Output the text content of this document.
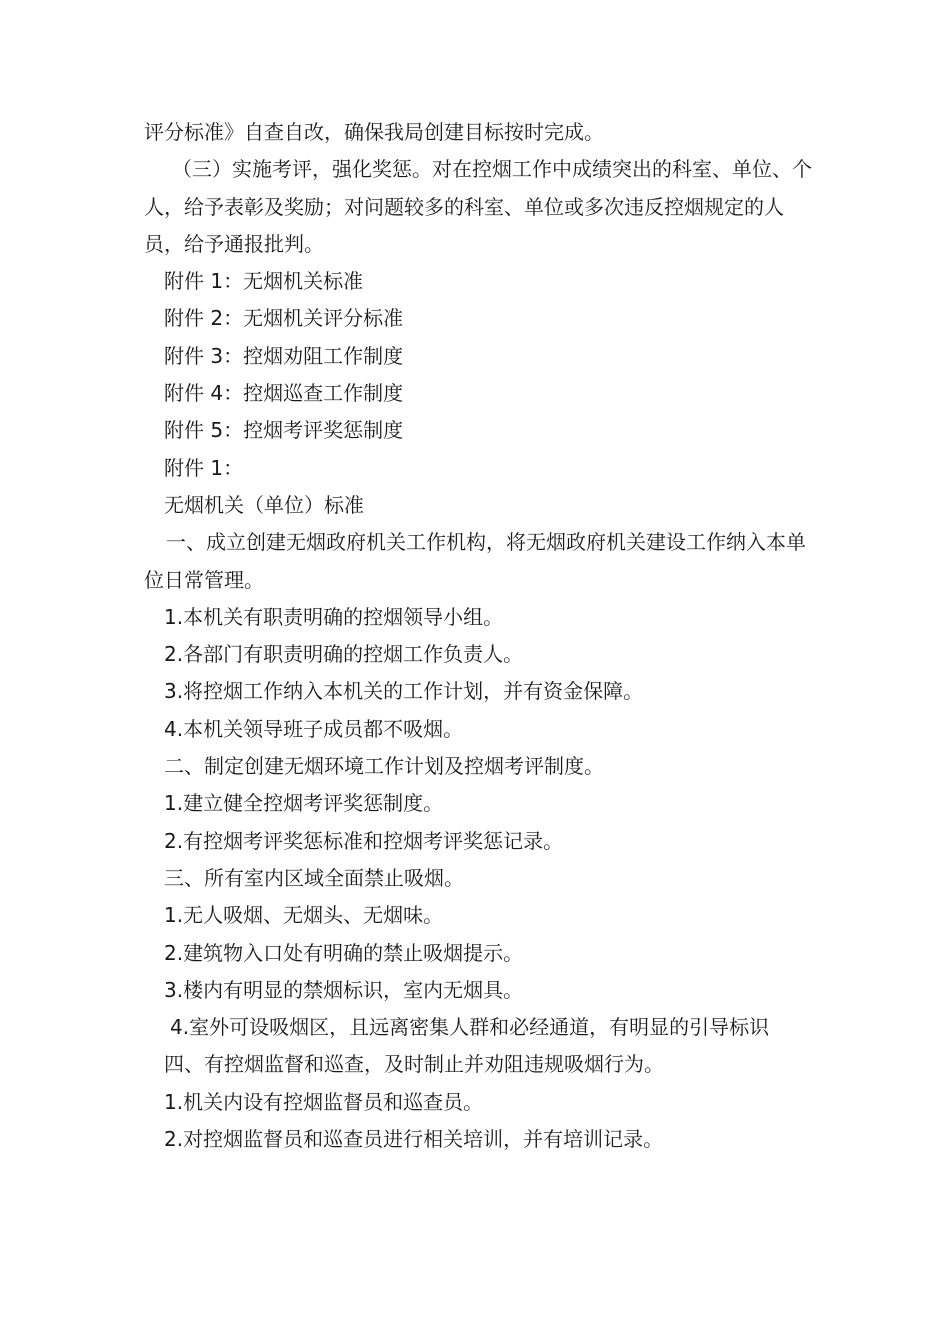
评分标准》自查自改，确保我局创建目标按时完成。

（三）实施考评，强化奖惩。对在控烟工作中成绩突出的科室、单位、个人，给予表彰及奖励；对问题较多的科室、单位或多次违反控烟规定的人员，给予通报批判。

附件 1：无烟机关标准

附件 2：无烟机关评分标准

附件 3：控烟劝阻工作制度

附件 4：控烟巡查工作制度

附件 5：控烟考评奖惩制度

附件 1：

无烟机关（单位）标准

一、成立创建无烟政府机关工作机构，将无烟政府机关建设工作纳入本单位日常管理。

1.本机关有职责明确的控烟领导小组。

2.各部门有职责明确的控烟工作负责人。

3.将控烟工作纳入本机关的工作计划，并有资金保障。

4.本机关领导班子成员都不吸烟。

二、制定创建无烟环境工作计划及控烟考评制度。

1.建立健全控烟考评奖惩制度。

2.有控烟考评奖惩标准和控烟考评奖惩记录。

三、所有室内区域全面禁止吸烟。

1.无人吸烟、无烟头、无烟味。

2.建筑物入口处有明确的禁止吸烟提示。

3.楼内有明显的禁烟标识，室内无烟具。

4.室外可设吸烟区，且远离密集人群和必经通道，有明显的引导标识

四、有控烟监督和巡查，及时制止并劝阻违规吸烟行为。

1.机关内设有控烟监督员和巡查员。

2.对控烟监督员和巡查员进行相关培训，并有培训记录。
